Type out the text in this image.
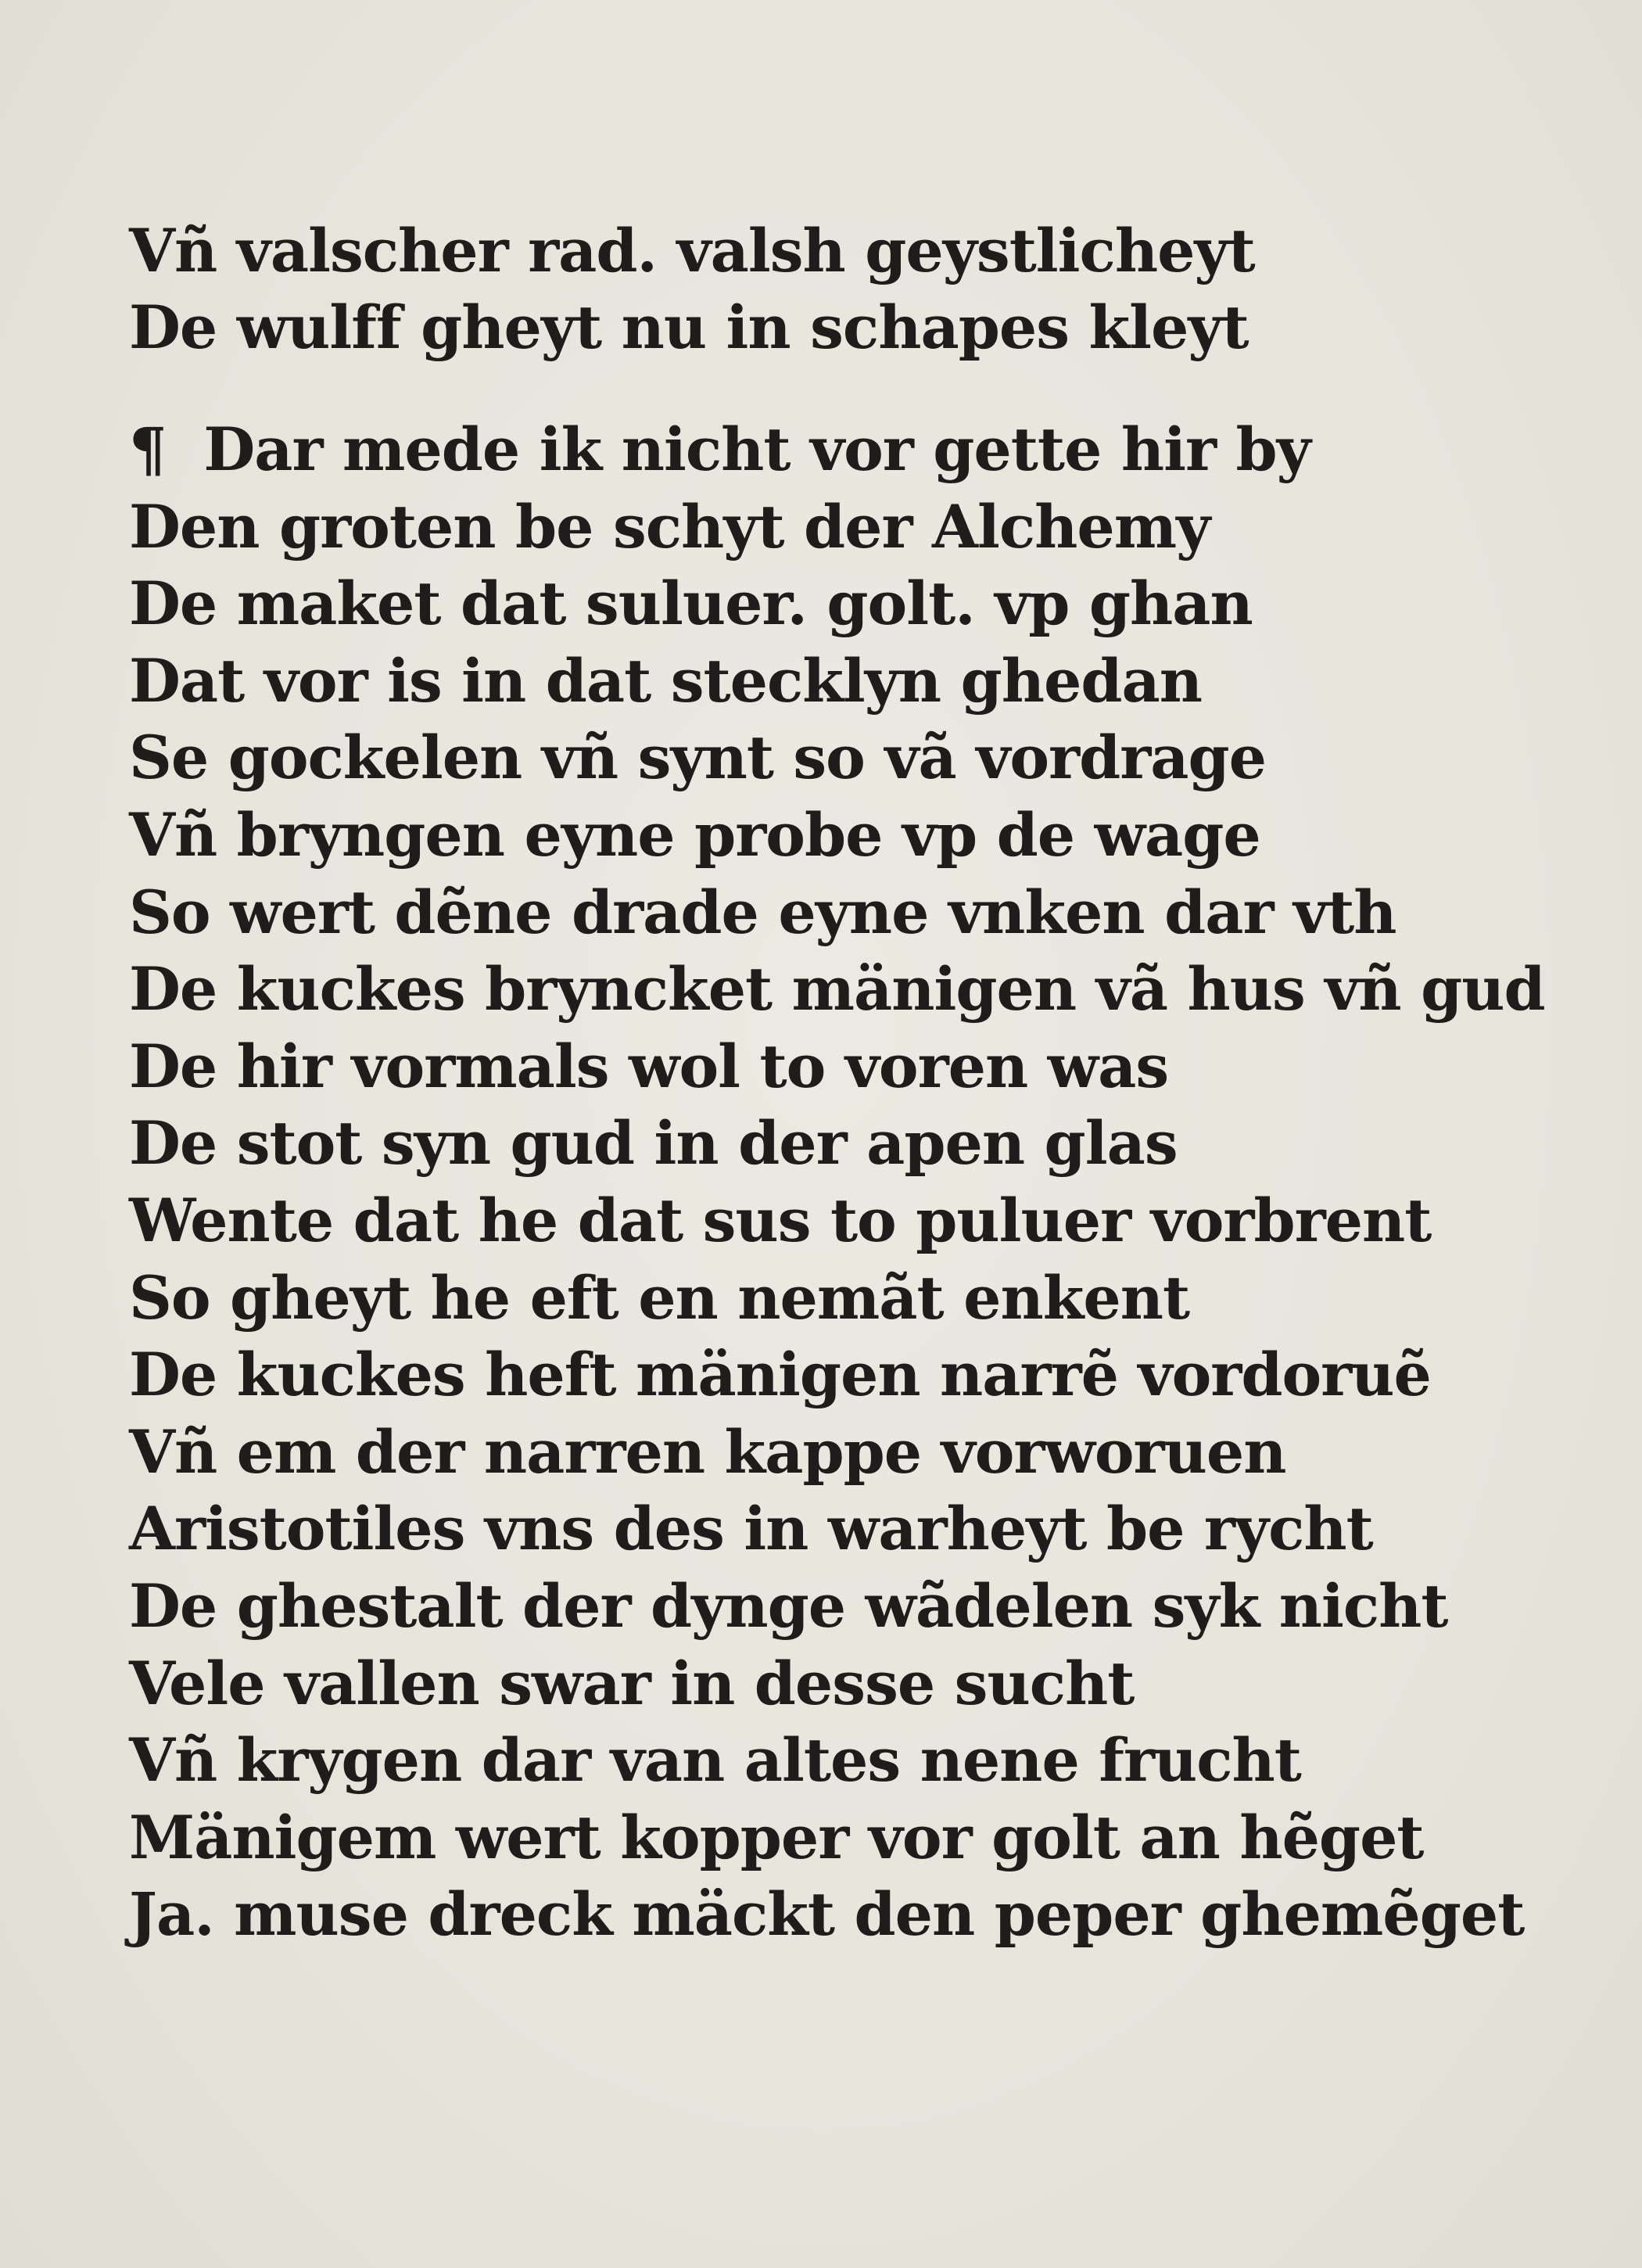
Vñ valscher rad. valsh geystlicheyt
De wulff gheyt nu in schapes kleyt
¶ Dar mede ik nicht vor gette hir by
Den groten be schyt der Alchemy
De maket dat suluer. golt. vp ghan
Dat vor is in dat stecklyn ghedan
Se gockelen vñ synt so vã vordrage
Vñ bryngen eyne probe vp de wage
So wert dẽne drade eyne vnken dar vth
De kuckes bryncket mänigen vã hus vñ gud
De hir vormals wol to voren was
De stot syn gud in der apen glas
Wente dat he dat sus to puluer vorbrent
So gheyt he eft en nemãt enkent
De kuckes heft mänigen narrẽ vordoruẽ
Vñ em der narren kappe vorworuen
Aristotiles vns des in warheyt be rycht
De ghestalt der dynge wãdelen syk nicht
Vele vallen swar in desse sucht
Vñ krygen dar van altes nene frucht
Mänigem wert kopper vor golt an hẽget
Ja. muse dreck mäckt den peper ghemẽget
